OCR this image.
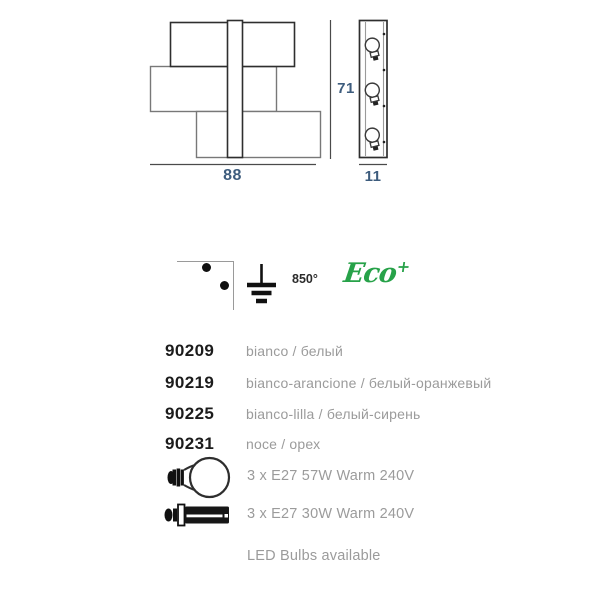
88
71
11
850° Eco+
90209	bianco / белый
90219	bianco-arancione / белый-оранжевый
90225	bianco-lilla / белый-сирень
90231	noce / орех
3 x E27 57W Warm 240V
3 x E27 30W Warm 240V
LED Bulbs available
